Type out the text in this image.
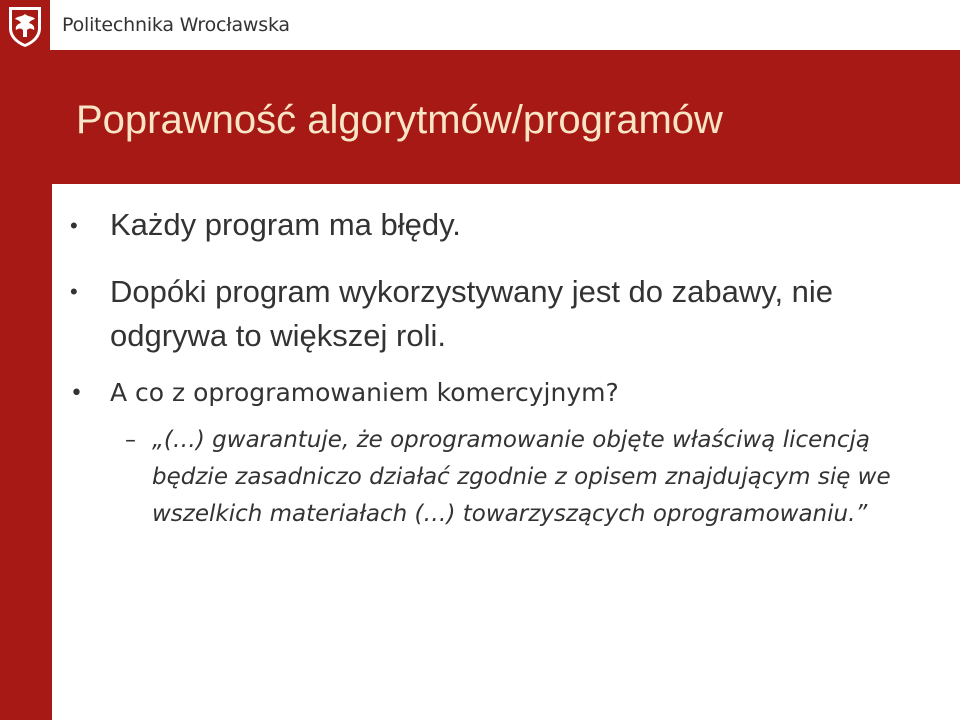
Politechnika Wrocławska
Poprawność algorytmów/programów
• Każdy program ma błędy.
• Dopóki program wykorzystywany jest do zabawy, nie odgrywa to większej roli.
• A co z oprogramowaniem komercyjnym?
– „(…) gwarantuje, że oprogramowanie objęte właściwą licencją będzie zasadniczo działać zgodnie z opisem znajdującym się we wszelkich materiałach (…) towarzyszących oprogramowaniu.”
